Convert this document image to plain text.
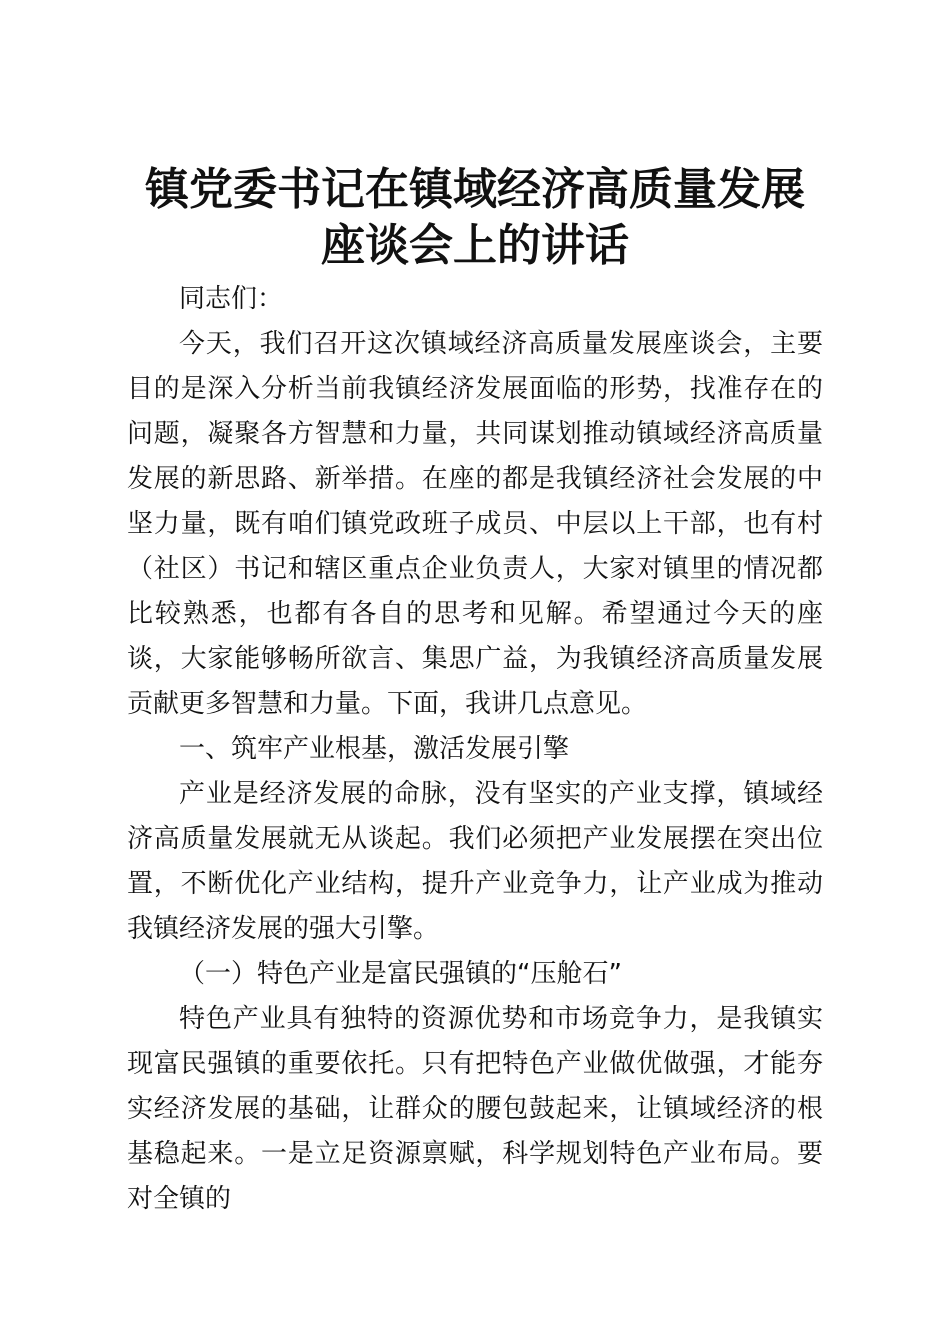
镇党委书记在镇域经济高质量发展座谈会上的讲话

同志们：

今天，我们召开这次镇域经济高质量发展座谈会，主要目的是深入分析当前我镇经济发展面临的形势，找准存在的问题，凝聚各方智慧和力量，共同谋划推动镇域经济高质量发展的新思路、新举措。在座的都是我镇经济社会发展的中坚力量，既有咱们镇党政班子成员、中层以上干部，也有村（社区）书记和辖区重点企业负责人，大家对镇里的情况都比较熟悉，也都有各自的思考和见解。希望通过今天的座谈，大家能够畅所欲言、集思广益，为我镇经济高质量发展贡献更多智慧和力量。下面，我讲几点意见。

一、筑牢产业根基，激活发展引擎

产业是经济发展的命脉，没有坚实的产业支撑，镇域经济高质量发展就无从谈起。我们必须把产业发展摆在突出位置，不断优化产业结构，提升产业竞争力，让产业成为推动我镇经济发展的强大引擎。

（一）特色产业是富民强镇的“压舱石”

特色产业具有独特的资源优势和市场竞争力，是我镇实现富民强镇的重要依托。只有把特色产业做优做强，才能夯实经济发展的基础，让群众的腰包鼓起来，让镇域经济的根基稳起来。一是立足资源禀赋，科学规划特色产业布局。要对全镇的
